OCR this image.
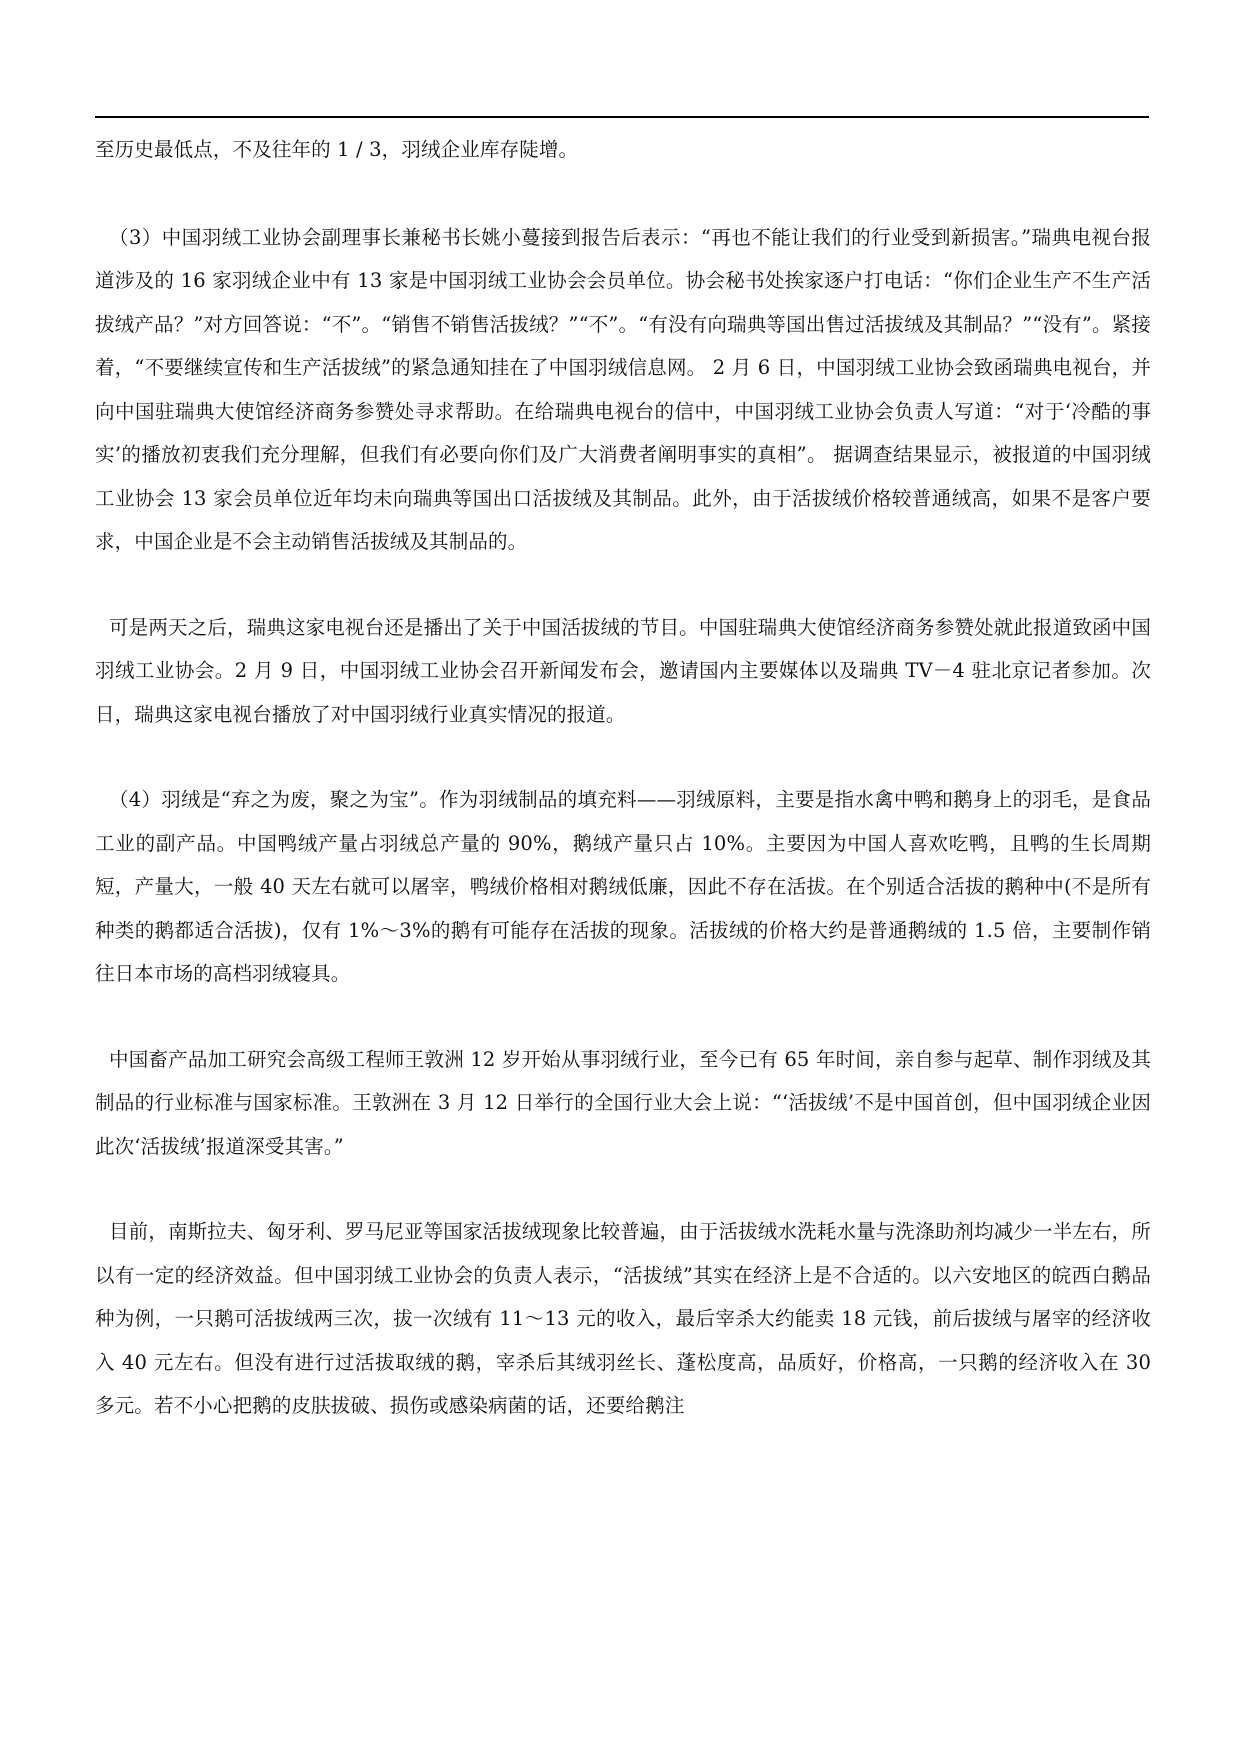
至历史最低点，不及往年的 1 / 3，羽绒企业库存陡增。

（3）中国羽绒工业协会副理事长兼秘书长姚小蔓接到报告后表示：“再也不能让我们的行业受到新损害。”瑞典电视台报道涉及的 16 家羽绒企业中有 13 家是中国羽绒工业协会会员单位。协会秘书处挨家逐户打电话：“你们企业生产不生产活拔绒产品？”对方回答说：“不”。“销售不销售活拔绒？”“不”。“有没有向瑞典等国出售过活拔绒及其制品？”“没有”。紧接着，“不要继续宣传和生产活拔绒”的紧急通知挂在了中国羽绒信息网。 2 月 6 日，中国羽绒工业协会致函瑞典电视台，并向中国驻瑞典大使馆经济商务参赞处寻求帮助。在给瑞典电视台的信中，中国羽绒工业协会负责人写道：“对于‘冷酷的事实’的播放初衷我们充分理解，但我们有必要向你们及广大消费者阐明事实的真相”。 据调查结果显示，被报道的中国羽绒工业协会 13 家会员单位近年均未向瑞典等国出口活拔绒及其制品。此外，由于活拔绒价格较普通绒高，如果不是客户要求，中国企业是不会主动销售活拔绒及其制品的。

可是两天之后，瑞典这家电视台还是播出了关于中国活拔绒的节目。中国驻瑞典大使馆经济商务参赞处就此报道致函中国羽绒工业协会。2 月 9 日，中国羽绒工业协会召开新闻发布会，邀请国内主要媒体以及瑞典 TV－4 驻北京记者参加。次日，瑞典这家电视台播放了对中国羽绒行业真实情况的报道。

（4）羽绒是“弃之为废，聚之为宝”。作为羽绒制品的填充料——羽绒原料，主要是指水禽中鸭和鹅身上的羽毛，是食品工业的副产品。中国鸭绒产量占羽绒总产量的 90%，鹅绒产量只占 10%。主要因为中国人喜欢吃鸭，且鸭的生长周期短，产量大，一般 40 天左右就可以屠宰，鸭绒价格相对鹅绒低廉，因此不存在活拔。在个别适合活拔的鹅种中(不是所有种类的鹅都适合活拔)，仅有 1%～3%的鹅有可能存在活拔的现象。活拔绒的价格大约是普通鹅绒的 1.5 倍，主要制作销往日本市场的高档羽绒寝具。

中国畜产品加工研究会高级工程师王敦洲 12 岁开始从事羽绒行业，至今已有 65 年时间，亲自参与起草、制作羽绒及其制品的行业标准与国家标准。王敦洲在 3 月 12 日举行的全国行业大会上说：“‘活拔绒’不是中国首创，但中国羽绒企业因此次‘活拔绒’报道深受其害。”

目前，南斯拉夫、匈牙利、罗马尼亚等国家活拔绒现象比较普遍，由于活拔绒水洗耗水量与洗涤助剂均减少一半左右，所以有一定的经济效益。但中国羽绒工业协会的负责人表示，“活拔绒”其实在经济上是不合适的。以六安地区的皖西白鹅品种为例，一只鹅可活拔绒两三次，拔一次绒有 11～13 元的收入，最后宰杀大约能卖 18 元钱，前后拔绒与屠宰的经济收入 40 元左右。但没有进行过活拔取绒的鹅，宰杀后其绒羽丝长、蓬松度高，品质好，价格高，一只鹅的经济收入在 30 多元。若不小心把鹅的皮肤拔破、损伤或感染病菌的话，还要给鹅注
